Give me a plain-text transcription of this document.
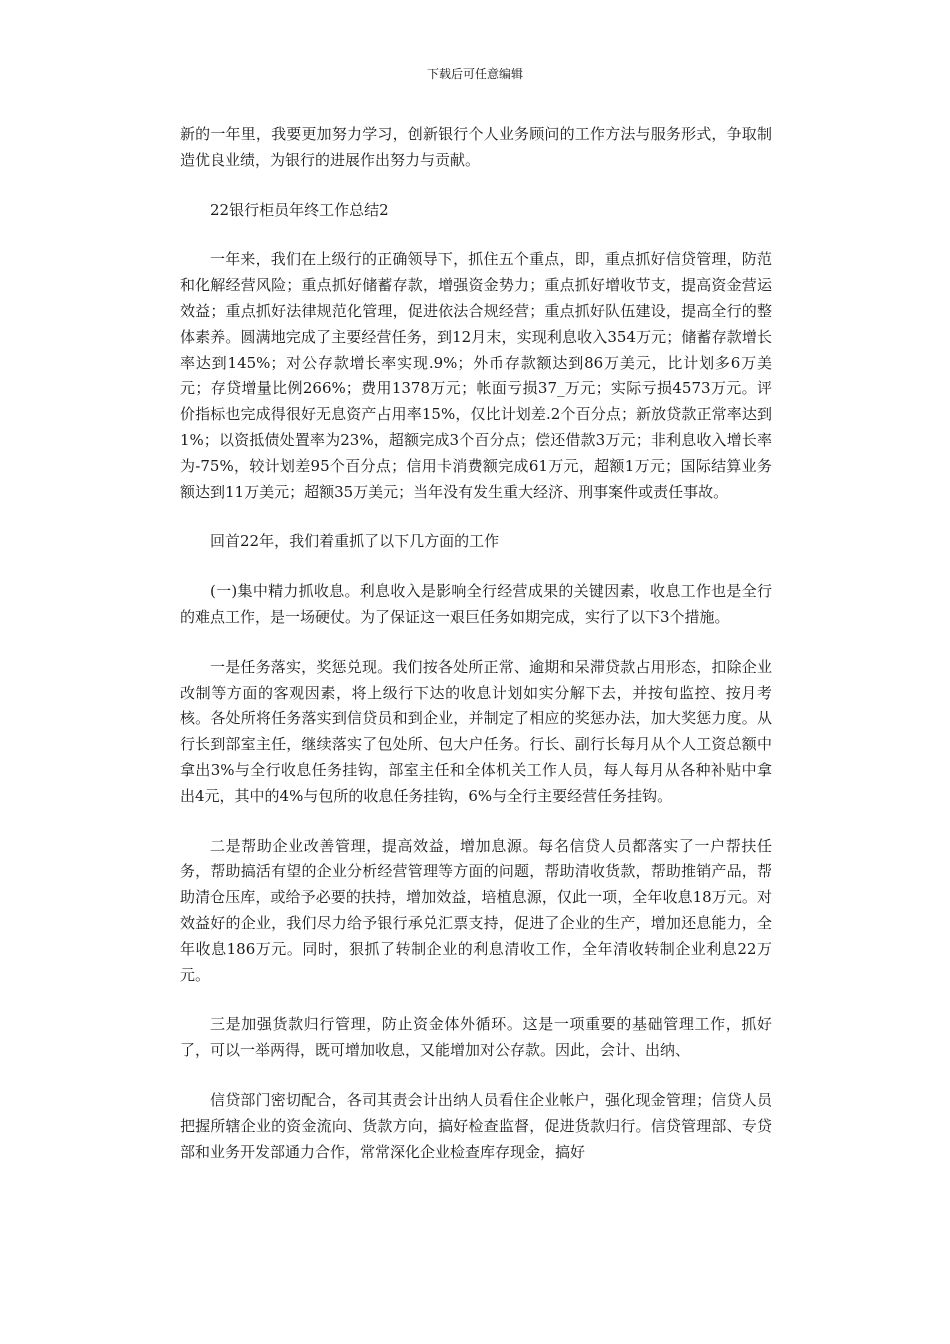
下载后可任意编辑

新的一年里，我要更加努力学习，创新银行个人业务顾问的工作方法与服务形式，争取制造优良业绩，为银行的进展作出努力与贡献。

22银行柜员年终工作总结2

一年来，我们在上级行的正确领导下，抓住五个重点，即，重点抓好信贷管理，防范和化解经营风险；重点抓好储蓄存款，增强资金势力；重点抓好增收节支，提高资金营运效益；重点抓好法律规范化管理，促进依法合规经营；重点抓好队伍建设，提高全行的整体素养。圆满地完成了主要经营任务，到12月末，实现利息收入354万元；储蓄存款增长率达到145%；对公存款增长率实现.9%；外币存款额达到86万美元，比计划多6万美元；存贷增量比例266%；费用1378万元；帐面亏损37_万元；实际亏损4573万元。评价指标也完成得很好无息资产占用率15%，仅比计划差.2个百分点；新放贷款正常率达到1%；以资抵债处置率为23%，超额完成3个百分点；偿还借款3万元；非利息收入增长率为-75%，较计划差95个百分点；信用卡消费额完成61万元，超额1万元；国际结算业务额达到11万美元；超额35万美元；当年没有发生重大经济、刑事案件或责任事故。

回首22年，我们着重抓了以下几方面的工作

(一)集中精力抓收息。利息收入是影响全行经营成果的关键因素，收息工作也是全行的难点工作，是一场硬仗。为了保证这一艰巨任务如期完成，实行了以下3个措施。

一是任务落实，奖惩兑现。我们按各处所正常、逾期和呆滞贷款占用形态，扣除企业改制等方面的客观因素，将上级行下达的收息计划如实分解下去，并按旬监控、按月考核。各处所将任务落实到信贷员和到企业，并制定了相应的奖惩办法，加大奖惩力度。从行长到部室主任，继续落实了包处所、包大户任务。行长、副行长每月从个人工资总额中拿出3%与全行收息任务挂钩，部室主任和全体机关工作人员，每人每月从各种补贴中拿出4元，其中的4%与包所的收息任务挂钩，6%与全行主要经营任务挂钩。

二是帮助企业改善管理，提高效益，增加息源。每名信贷人员都落实了一户帮扶任务，帮助搞活有望的企业分析经营管理等方面的问题，帮助清收货款，帮助推销产品，帮助清仓压库，或给予必要的扶持，增加效益，培植息源，仅此一项，全年收息18万元。对效益好的企业，我们尽力给予银行承兑汇票支持，促进了企业的生产，增加还息能力，全年收息186万元。同时，狠抓了转制企业的利息清收工作，全年清收转制企业利息22万元。

三是加强货款归行管理，防止资金体外循环。这是一项重要的基础管理工作，抓好了，可以一举两得，既可增加收息，又能增加对公存款。因此，会计、出纳、

信贷部门密切配合，各司其责会计出纳人员看住企业帐户，强化现金管理；信贷人员把握所辖企业的资金流向、货款方向，搞好检查监督，促进货款归行。信贷管理部、专贷部和业务开发部通力合作，常常深化企业检查库存现金，搞好
